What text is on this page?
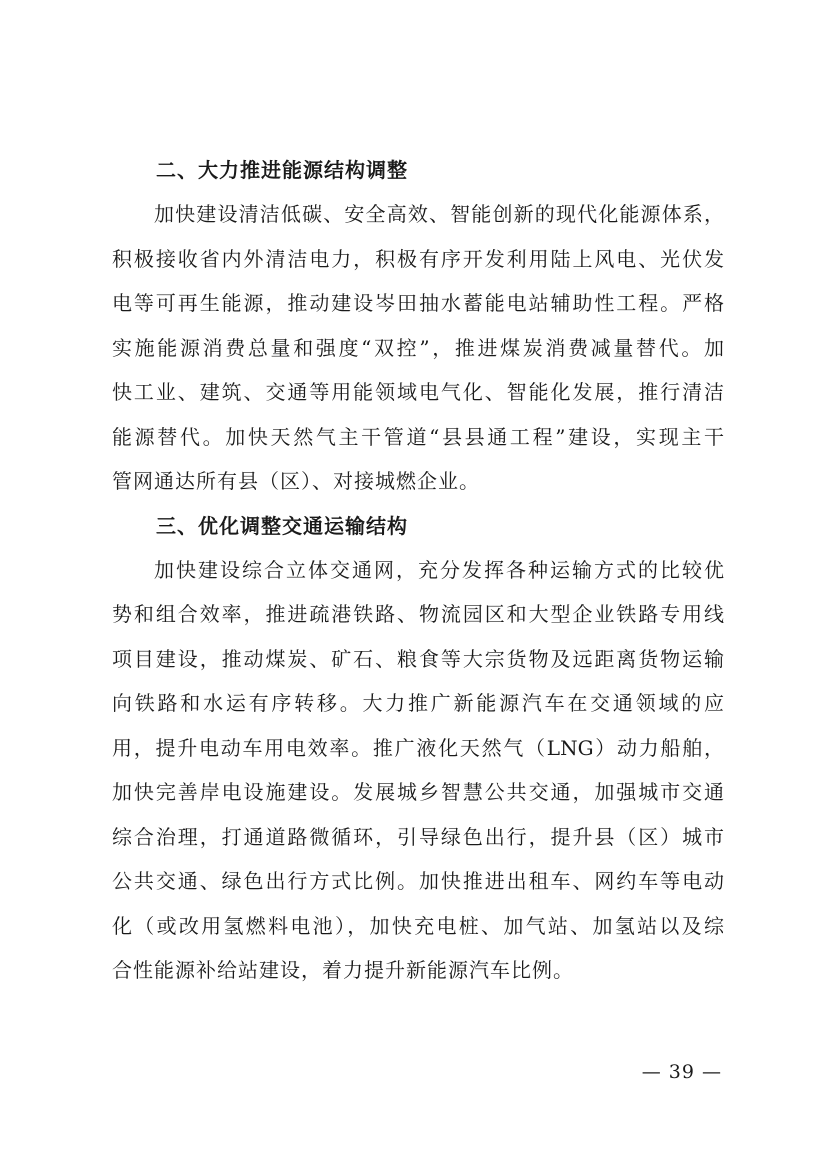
二、大力推进能源结构调整
加快建设清洁低碳、安全高效、智能创新的现代化能源体系，
积极接收省内外清洁电力，积极有序开发利用陆上风电、光伏发
电等可再生能源，推动建设岑田抽水蓄能电站辅助性工程。严格
实施能源消费总量和强度“双控”，推进煤炭消费减量替代。加
快工业、建筑、交通等用能领域电气化、智能化发展，推行清洁
能源替代。加快天然气主干管道“县县通工程”建设，实现主干
管网通达所有县（区）、对接城燃企业。
三、优化调整交通运输结构
加快建设综合立体交通网，充分发挥各种运输方式的比较优
势和组合效率，推进疏港铁路、物流园区和大型企业铁路专用线
项目建设，推动煤炭、矿石、粮食等大宗货物及远距离货物运输
向铁路和水运有序转移。大力推广新能源汽车在交通领域的应
用，提升电动车用电效率。推广液化天然气（LNG）动力船舶，
加快完善岸电设施建设。发展城乡智慧公共交通，加强城市交通
综合治理，打通道路微循环，引导绿色出行，提升县（区）城市
公共交通、绿色出行方式比例。加快推进出租车、网约车等电动
化（或改用氢燃料电池），加快充电桩、加气站、加氢站以及综
合性能源补给站建设，着力提升新能源汽车比例。
— 39 —
